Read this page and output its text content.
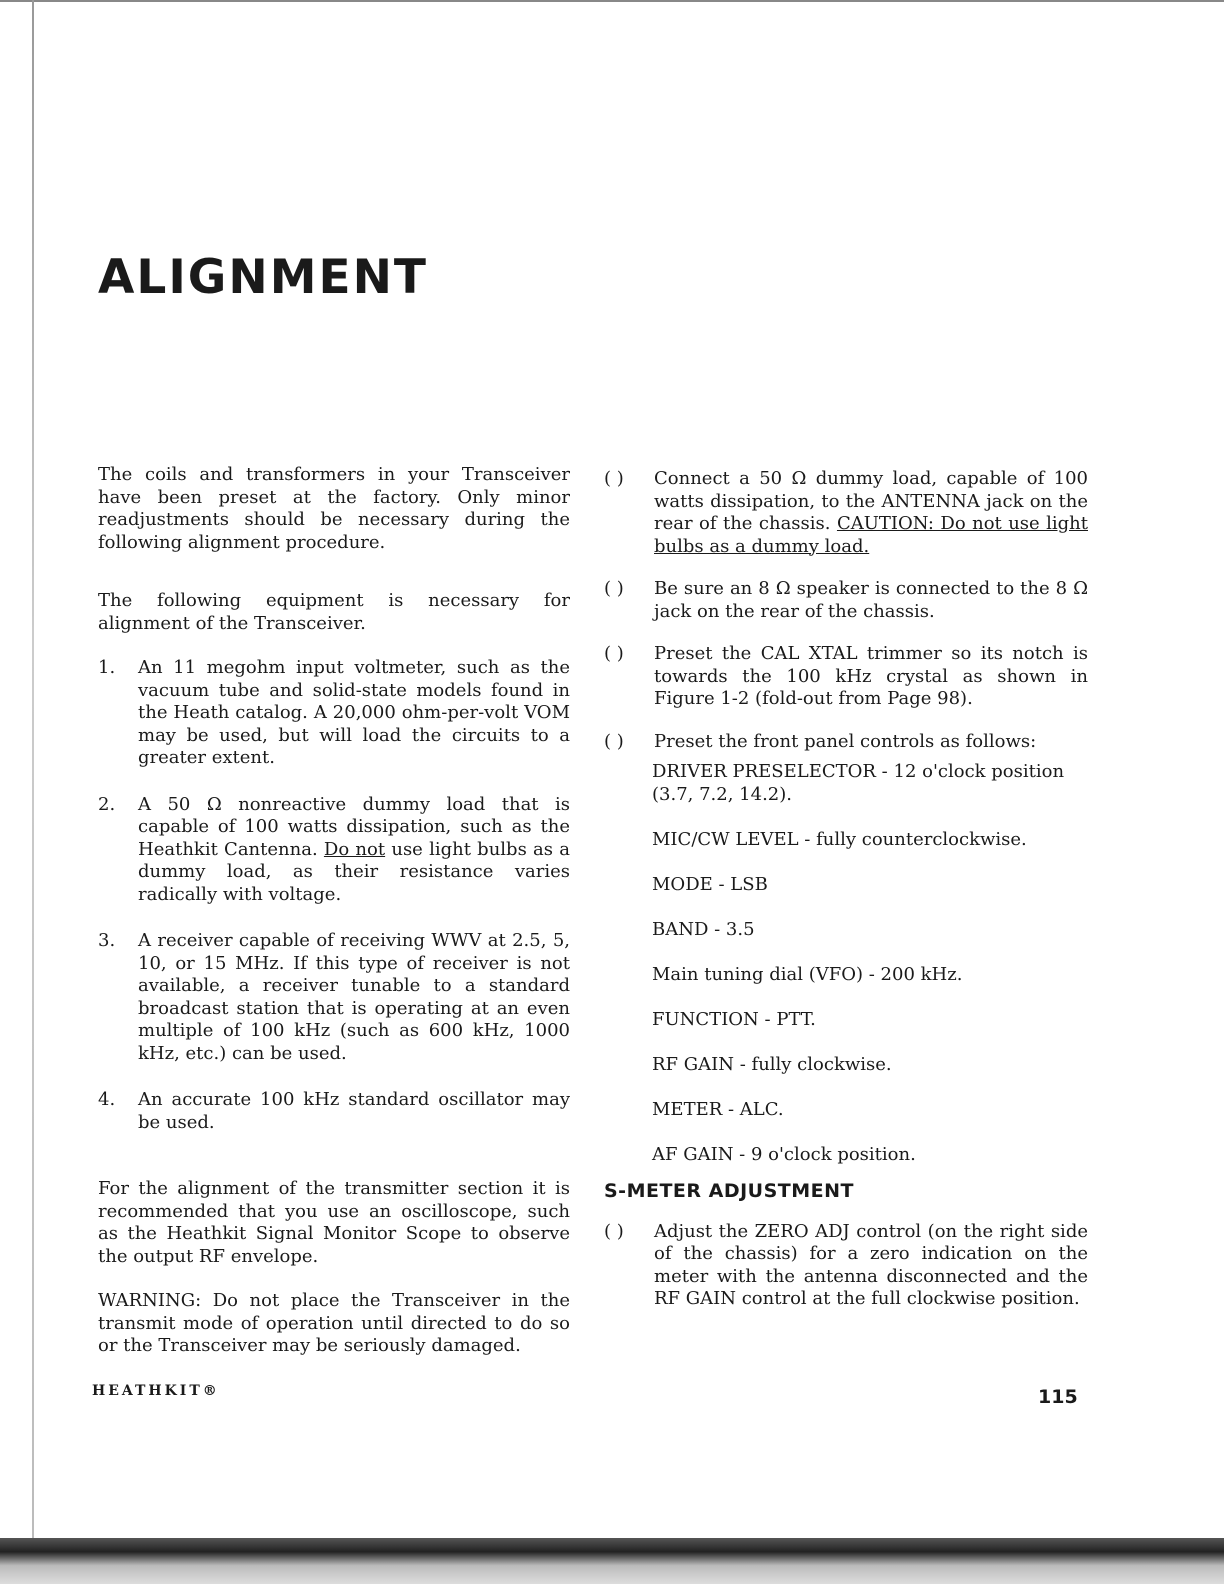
ALIGNMENT

The coils and transformers in your Transceiver have been preset at the factory. Only minor readjustments should be necessary during the following alignment procedure.

The following equipment is necessary for alignment of the Transceiver.

1.	An 11 megohm input voltmeter, such as the vacuum tube and solid-state models found in the Heath catalog. A 20,000 ohm-per-volt VOM may be used, but will load the circuits to a greater extent.
2.	A 50 Ω nonreactive dummy load that is capable of 100 watts dissipation, such as the Heathkit Cantenna. Do not use light bulbs as a dummy load, as their resistance varies radically with voltage.
3.	A receiver capable of receiving WWV at 2.5, 5, 10, or 15 MHz. If this type of receiver is not available, a receiver tunable to a standard broadcast station that is operating at an even multiple of 100 kHz (such as 600 kHz, 1000 kHz, etc.) can be used.
4.	An accurate 100 kHz standard oscillator may be used.

For the alignment of the transmitter section it is recommended that you use an oscilloscope, such as the Heathkit Signal Monitor Scope to observe the output RF envelope.

WARNING: Do not place the Transceiver in the transmit mode of operation until directed to do so or the Transceiver may be seriously damaged.

( )	Connect a 50 Ω dummy load, capable of 100 watts dissipation, to the ANTENNA jack on the rear of the chassis. CAUTION: Do not use light bulbs as a dummy load.
( )	Be sure an 8 Ω speaker is connected to the 8 Ω jack on the rear of the chassis.
( )	Preset the CAL XTAL trimmer so its notch is towards the 100 kHz crystal as shown in Figure 1-2 (fold-out from Page 98).
( )	Preset the front panel controls as follows:
DRIVER PRESELECTOR - 12 o'clock position (3.7, 7.2, 14.2).
MIC/CW LEVEL - fully counterclockwise.
MODE - LSB
BAND - 3.5
Main tuning dial (VFO) - 200 kHz.
FUNCTION - PTT.
RF GAIN - fully clockwise.
METER - ALC.
AF GAIN - 9 o'clock position.
S-METER ADJUSTMENT
( )	Adjust the ZERO ADJ control (on the right side of the chassis) for a zero indication on the meter with the antenna disconnected and the RF GAIN control at the full clockwise position.
HEATHKIT®	115
